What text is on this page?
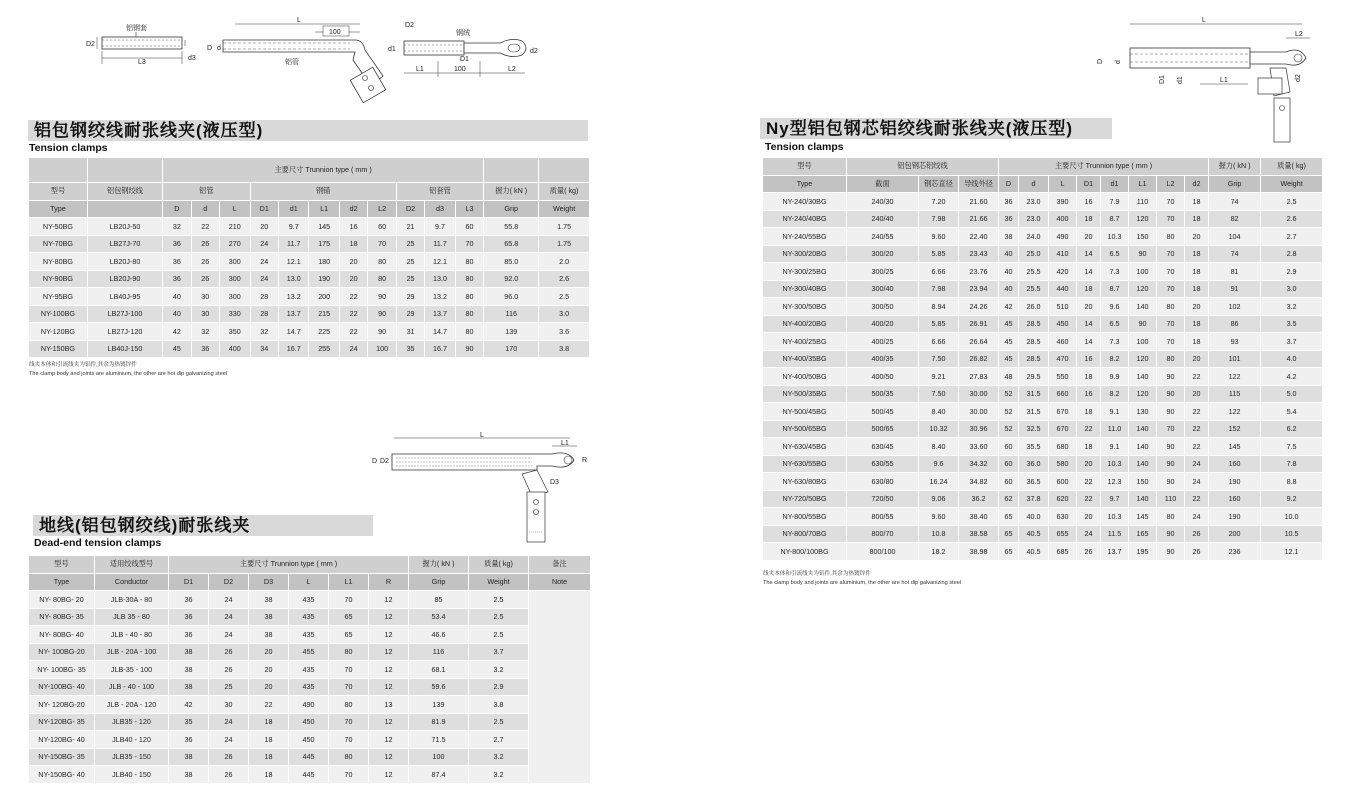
铝钢套
D2
L3
d3
L
100
D d
铝管
D2
钢绒
d1	d2
D1
L1	100	L2
铝包钢绞线耐张线夹(液压型)
Tension clamps
		主要尺寸 Trunnion type ( mm )												

型号	铝包钢绞线	铝管			钢锚					铝套管			握力( kN )	质量( kg)
Type		D	d	L	D1	d1	L1	d2	L2	D2	d3	L3	Grip	Weight
NY-50BG	LB20J-50	32	22	210	20	9.7	145	16	60	21	9.7	60	55.8	1.75
NY-70BG	LB27J-70	36	26	270	24	11.7	175	18	70	25	11.7	70	65.8	1.75
NY-80BG	LB20J-80	36	26	300	24	12.1	180	20	80	25	12.1	80	85.0	2.0
NY-90BG	LB20J-90	36	26	300	24	13.0	190	20	80	25	13.0	80	92.0	2.6
NY-95BG	LB40J-95	40	30	300	28	13.2	200	22	90	29	13.2	80	96.0	2.5
NY-100BG	LB27J-100	40	30	330	28	13.7	215	22	90	29	13.7	80	116	3.0
NY-120BG	LB27J-120	42	32	350	32	14.7	225	22	90	31	14.7	80	139	3.6
NY-150BG	LB40J-150	45	36	400	34	16.7	255	24	100	35	16.7	90	170	3.8
线夹本体和引流线夹为铝件,其余为热镀锌件
The clamp body and joints are aluminium, the other are hot dip galvanizing steel
L
L1
D D2	R
D3
地线(铝包钢绞线)耐张线夹
Dead-end tension clamps
型号	适用绞线型号	主要尺寸 Trunnion type ( mm )						握力( kN )	质量( kg)	备注
Type	Conductor	D1	D2	D3	L	L1	R	Grip	Weight	Note
NY- 80BG- 20	JLB-30A - 80	36	24	38	435	70	12	85	2.5	
NY- 80BG- 35	JLB 35 - 80	36	24	38	435	65	12	53.4	2.5	
NY- 80BG- 40	JLB - 40 - 80	36	24	38	435	65	12	46.6	2.5	
NY- 100BG-20	JLB - 20A - 100	38	26	20	455	80	12	116	3.7	
NY- 100BG- 35	JLB-35 - 100	38	26	20	435	70	12	68.1	3.2	
NY-100BG- 40	JLB - 40 - 100	38	25	20	435	70	12	59.6	2.9	
NY- 120BG-20	JLB - 20A - 120	42	30	22	490	80	13	139	3.8	
NY-120BG- 35	JLB35 - 120	35	24	18	450	70	12	81.9	2.5	
NY-120BG- 40	JLB40 - 120	36	24	18	450	70	12	71.5	2.7	
NY-150BG- 35	JLB35 - 150	38	26	18	445	80	12	100	3.2	
NY-150BG- 40	JLB40 - 150	38	26	18	445	70	12	87.4	3.2	
L
L2
D d
D1 d1	L1	d2
Ny型铝包钢芯铝绞线耐张线夹(液压型)
Tension clamps
型号	铝包钢芯铝绞线			主要尺寸 Trunnion type ( mm )								握力( kN )	质量( kg)
Type	截面	钢芯直径	导线外径	D	d	L	D1	d1	L1	L2	d2	Grip	Weight
NY-240/30BG	240/30	7.20	21.60	36	23.0	390	16	7.9	110	70	18	74	2.5
NY-240/40BG	240/40	7.98	21.66	36	23.0	400	18	8.7	120	70	18	82	2.6
NY-240/55BG	240/55	9.60	22.40	38	24.0	490	20	10.3	150	80	20	104	2.7
NY-300/20BG	300/20	5.85	23.43	40	25.0	410	14	6.5	90	70	18	74	2.8
NY-300/25BG	300/25	6.66	23.76	40	25.5	420	14	7.3	100	70	18	81	2.9
NY-300/40BG	300/40	7.98	23.94	40	25.5	440	18	8.7	120	70	18	91	3.0
NY-300/50BG	300/50	8.94	24.26	42	26.0	510	20	9.6	140	80	20	102	3.2
NY-400/20BG	400/20	5.85	26.91	45	28.5	450	14	6.5	90	70	18	86	3.5
NY-400/25BG	400/25	6.66	26.64	45	28.5	460	14	7.3	100	70	18	93	3.7
NY-400/35BG	400/35	7.50	26.82	45	28.5	470	16	8.2	120	80	20	101	4.0
NY-400/50BG	400/50	9.21	27.83	48	29.5	550	18	9.9	140	90	22	122	4.2
NY-500/35BG	500/35	7.50	30.00	52	31.5	660	16	8.2	120	90	20	115	5.0
NY-500/45BG	500/45	8.40	30.00	52	31.5	670	18	9.1	130	90	22	122	5.4
NY-500/65BG	500/65	10.32	30.96	52	32.5	670	22	11.0	140	70	22	152	6.2
NY-630/45BG	630/45	8.40	33.60	60	35.5	680	18	9.1	140	90	22	145	7.5
NY-630/55BG	630/55	9.6	34.32	60	36.0	580	20	10.3	140	90	24	160	7.8
NY-630/80BG	630/80	16.24	34.82	60	36.5	600	22	12.3	150	90	24	190	8.8
NY-720/50BG	720/50	9.06	36.2	62	37.8	620	22	9.7	140	110	22	160	9.2
NY-800/55BG	800/55	9.60	38.40	65	40.0	630	20	10.3	145	80	24	190	10.0
NY-800/70BG	800/70	10.8	38.58	65	40.5	655	24	11.5	165	90	26	200	10.5
NY-800/100BG	800/100	18.2	38.98	65	40.5	685	26	13.7	195	90	26	236	12.1
线夹本体和引流线夹为铝件,其余为热镀锌件
The clamp body and joints are aluminium, the other are hot dip galvanizing steel
